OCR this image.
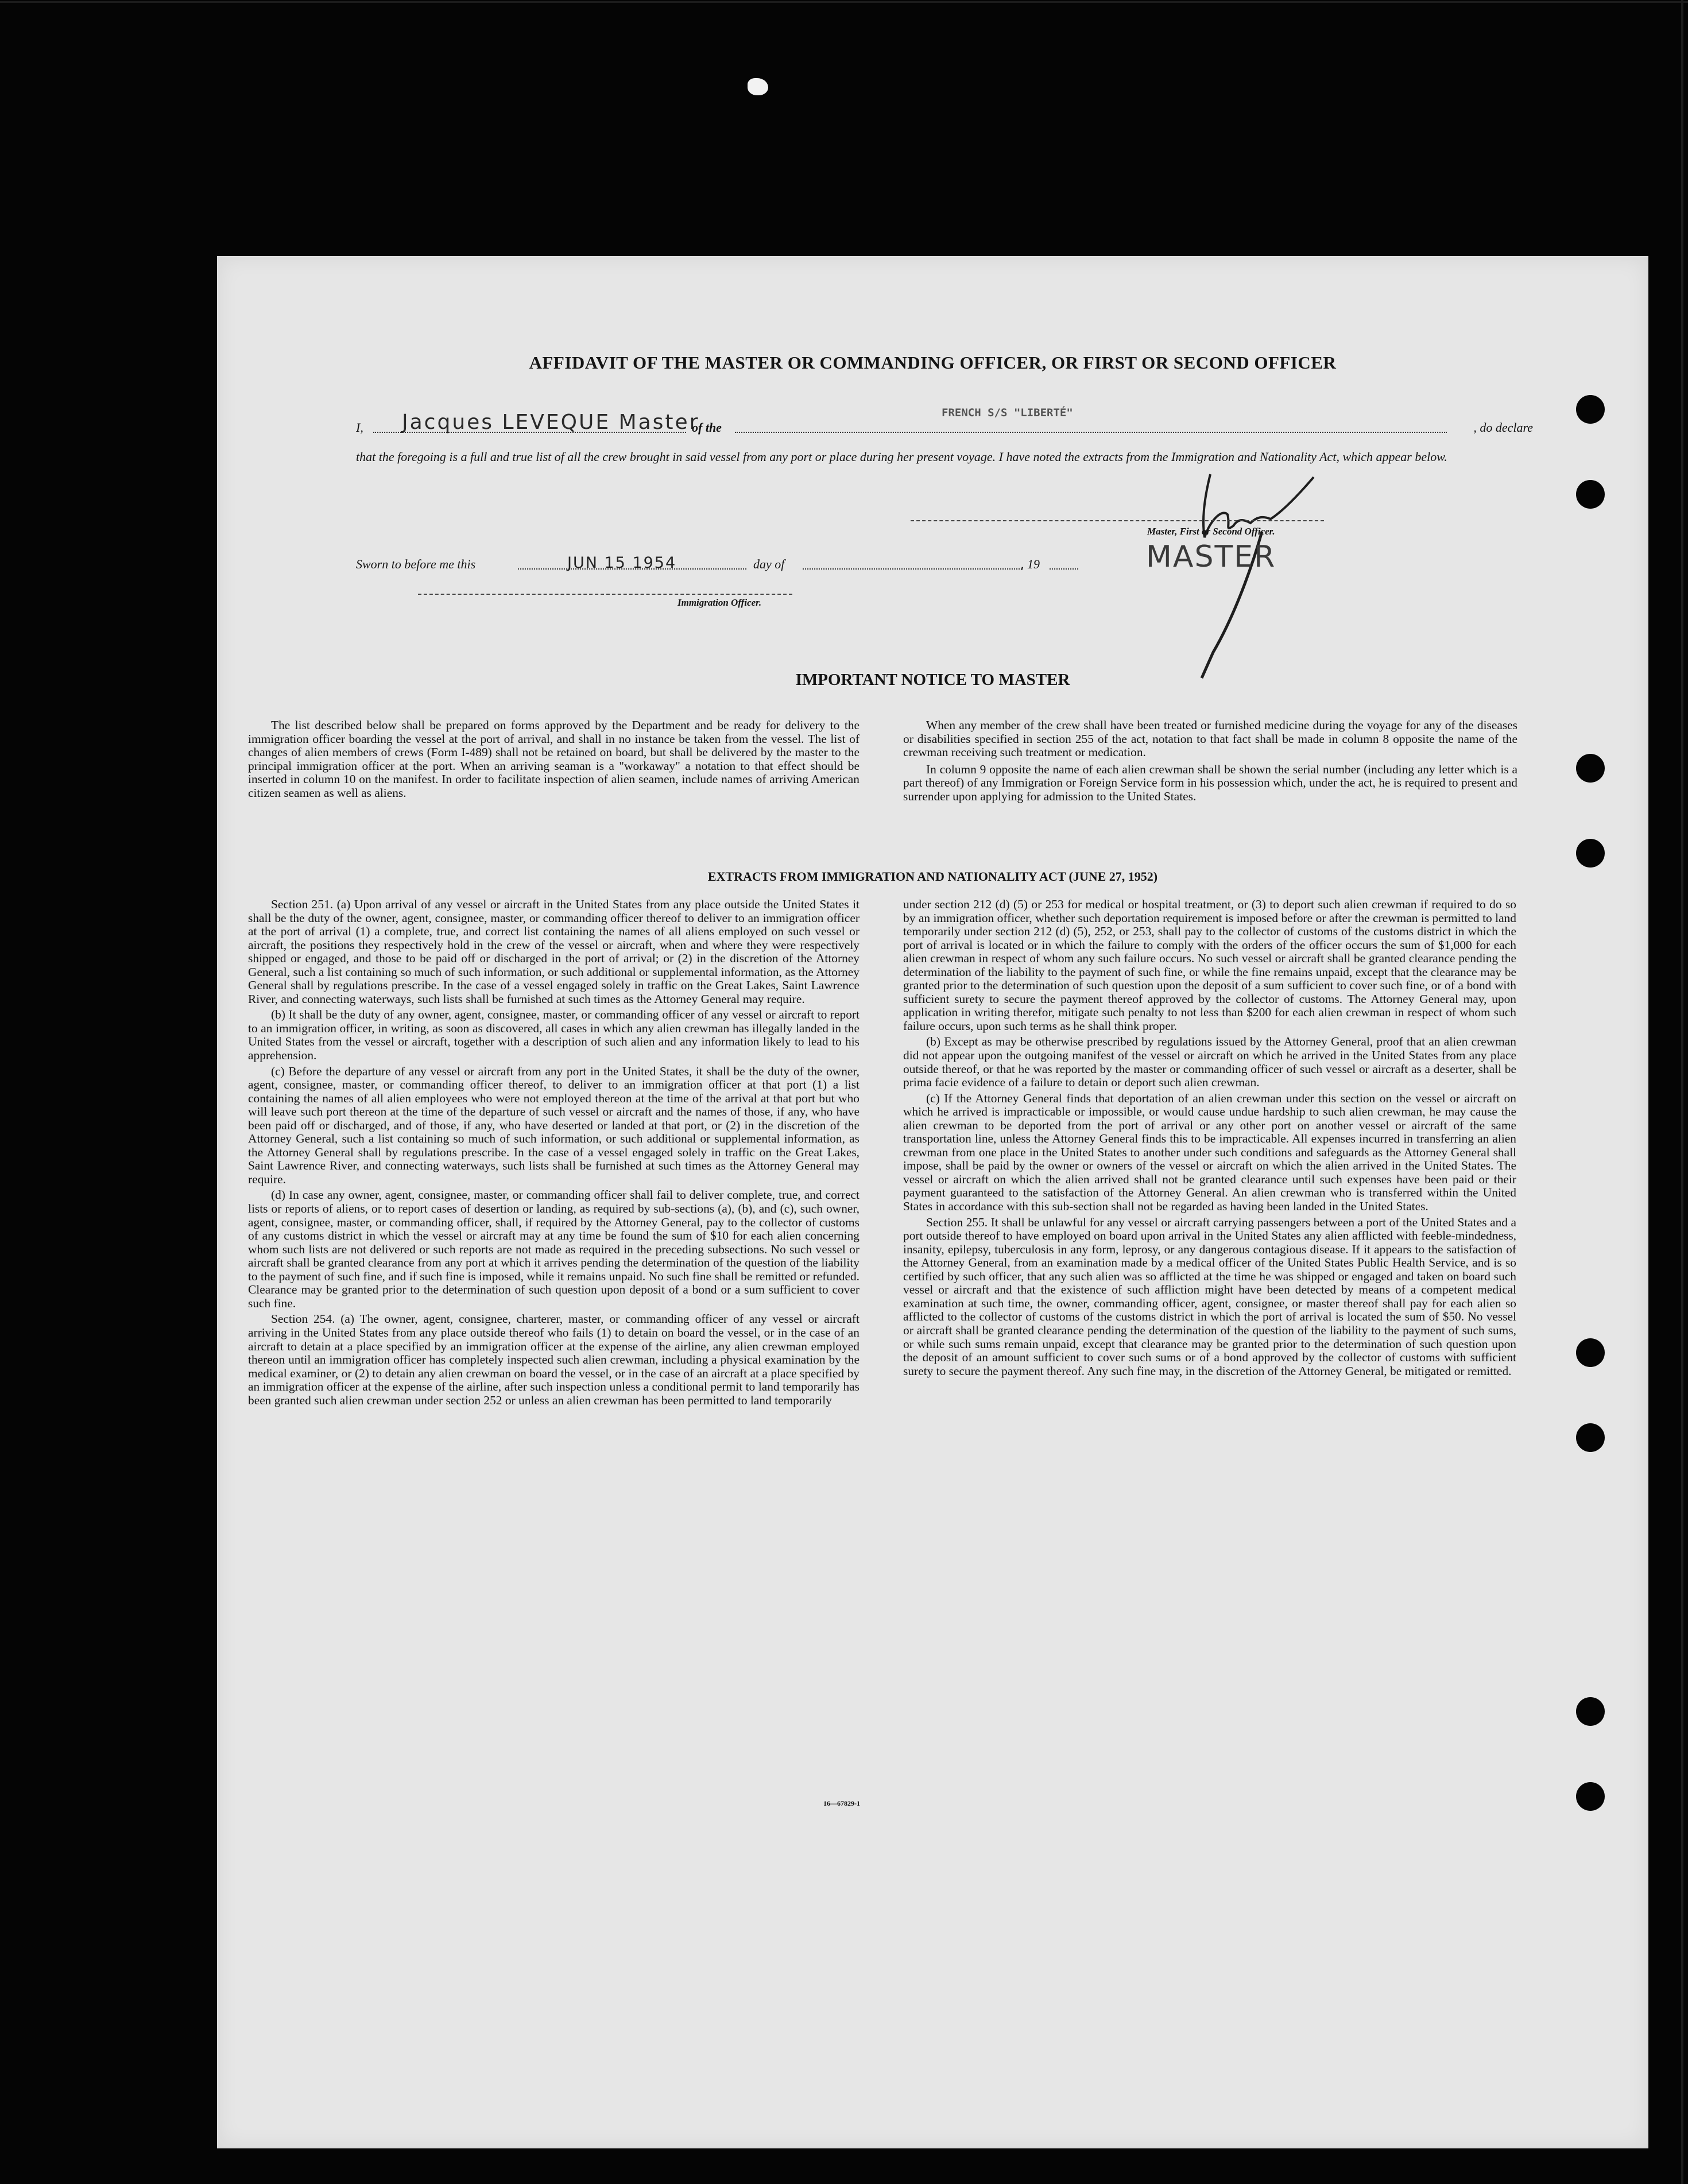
AFFIDAVIT OF THE MASTER OR COMMANDING OFFICER, OR FIRST OR SECOND OFFICER
I, Jacques LEVEQUE Master
of the
FRENCH S/S "LIBERTÉ"
, do declare
that the foregoing is a full and true list of all the crew brought in said vessel from any port or place during her present voyage. I have noted the extracts from the Immigration and Nationality Act, which appear below.
Master, First or Second Officer.
MASTER
Sworn to before me this	JUN 15 1954	day of	, 19
Immigration Officer.
IMPORTANT NOTICE TO MASTER

The list described below shall be prepared on forms approved by the Department and be ready for delivery to the immigration officer boarding the vessel at the port of arrival, and shall in no instance be taken from the vessel. The list of changes of alien members of crews (Form I-489) shall not be retained on board, but shall be delivered by the master to the principal immigration officer at the port. When an arriving seaman is a "workaway" a notation to that effect should be inserted in column 10 on the manifest. In order to facilitate inspection of alien seamen, include names of arriving American citizen seamen as well as aliens.

When any member of the crew shall have been treated or furnished medicine during the voyage for any of the diseases or disabilities specified in section 255 of the act, notation to that fact shall be made in column 8 opposite the name of the crewman receiving such treatment or medication.

In column 9 opposite the name of each alien crewman shall be shown the serial number (including any letter which is a part thereof) of any Immigration or Foreign Service form in his possession which, under the act, he is required to present and surrender upon applying for admission to the United States.

EXTRACTS FROM IMMIGRATION AND NATIONALITY ACT (JUNE 27, 1952)

Section 251. (a) Upon arrival of any vessel or aircraft in the United States from any place outside the United States it shall be the duty of the owner, agent, consignee, master, or commanding officer thereof to deliver to an immigration officer at the port of arrival (1) a complete, true, and correct list containing the names of all aliens employed on such vessel or aircraft, the positions they respectively hold in the crew of the vessel or aircraft, when and where they were respectively shipped or engaged, and those to be paid off or discharged in the port of arrival; or (2) in the discretion of the Attorney General, such a list containing so much of such information, or such additional or supplemental information, as the Attorney General shall by regulations prescribe. In the case of a vessel engaged solely in traffic on the Great Lakes, Saint Lawrence River, and connecting waterways, such lists shall be furnished at such times as the Attorney General may require.

(b) It shall be the duty of any owner, agent, consignee, master, or commanding officer of any vessel or aircraft to report to an immigration officer, in writing, as soon as discovered, all cases in which any alien crewman has illegally landed in the United States from the vessel or aircraft, together with a description of such alien and any information likely to lead to his apprehension.

(c) Before the departure of any vessel or aircraft from any port in the United States, it shall be the duty of the owner, agent, consignee, master, or commanding officer thereof, to deliver to an immigration officer at that port (1) a list containing the names of all alien employees who were not employed thereon at the time of the arrival at that port but who will leave such port thereon at the time of the departure of such vessel or aircraft and the names of those, if any, who have been paid off or discharged, and of those, if any, who have deserted or landed at that port, or (2) in the discretion of the Attorney General, such a list containing so much of such information, or such additional or supplemental information, as the Attorney General shall by regulations prescribe. In the case of a vessel engaged solely in traffic on the Great Lakes, Saint Lawrence River, and connecting waterways, such lists shall be furnished at such times as the Attorney General may require.

(d) In case any owner, agent, consignee, master, or commanding officer shall fail to deliver complete, true, and correct lists or reports of aliens, or to report cases of desertion or landing, as required by sub-sections (a), (b), and (c), such owner, agent, consignee, master, or commanding officer, shall, if required by the Attorney General, pay to the collector of customs of any customs district in which the vessel or aircraft may at any time be found the sum of $10 for each alien concerning whom such lists are not delivered or such reports are not made as required in the preceding subsections. No such vessel or aircraft shall be granted clearance from any port at which it arrives pending the determination of the question of the liability to the payment of such fine, and if such fine is imposed, while it remains unpaid. No such fine shall be remitted or refunded. Clearance may be granted prior to the determination of such question upon deposit of a bond or a sum sufficient to cover such fine.

Section 254. (a) The owner, agent, consignee, charterer, master, or commanding officer of any vessel or aircraft arriving in the United States from any place outside thereof who fails (1) to detain on board the vessel, or in the case of an aircraft to detain at a place specified by an immigration officer at the expense of the airline, any alien crewman employed thereon until an immigration officer has completely inspected such alien crewman, including a physical examination by the medical examiner, or (2) to detain any alien crewman on board the vessel, or in the case of an aircraft at a place specified by an immigration officer at the expense of the airline, after such inspection unless a conditional permit to land temporarily has been granted such alien crewman under section 252 or unless an alien crewman has been permitted to land temporarily

under section 212 (d) (5) or 253 for medical or hospital treatment, or (3) to deport such alien crewman if required to do so by an immigration officer, whether such deportation requirement is imposed before or after the crewman is permitted to land temporarily under section 212 (d) (5), 252, or 253, shall pay to the collector of customs of the customs district in which the port of arrival is located or in which the failure to comply with the orders of the officer occurs the sum of $1,000 for each alien crewman in respect of whom any such failure occurs. No such vessel or aircraft shall be granted clearance pending the determination of the liability to the payment of such fine, or while the fine remains unpaid, except that the clearance may be granted prior to the determination of such question upon the deposit of a sum sufficient to cover such fine, or of a bond with sufficient surety to secure the payment thereof approved by the collector of customs. The Attorney General may, upon application in writing therefor, mitigate such penalty to not less than $200 for each alien crewman in respect of whom such failure occurs, upon such terms as he shall think proper.

(b) Except as may be otherwise prescribed by regulations issued by the Attorney General, proof that an alien crewman did not appear upon the outgoing manifest of the vessel or aircraft on which he arrived in the United States from any place outside thereof, or that he was reported by the master or commanding officer of such vessel or aircraft as a deserter, shall be prima facie evidence of a failure to detain or deport such alien crewman.

(c) If the Attorney General finds that deportation of an alien crewman under this section on the vessel or aircraft on which he arrived is impracticable or impossible, or would cause undue hardship to such alien crewman, he may cause the alien crewman to be deported from the port of arrival or any other port on another vessel or aircraft of the same transportation line, unless the Attorney General finds this to be impracticable. All expenses incurred in transferring an alien crewman from one place in the United States to another under such conditions and safeguards as the Attorney General shall impose, shall be paid by the owner or owners of the vessel or aircraft on which the alien arrived in the United States. The vessel or aircraft on which the alien arrived shall not be granted clearance until such expenses have been paid or their payment guaranteed to the satisfaction of the Attorney General. An alien crewman who is transferred within the United States in accordance with this sub-section shall not be regarded as having been landed in the United States.

Section 255. It shall be unlawful for any vessel or aircraft carrying passengers between a port of the United States and a port outside thereof to have employed on board upon arrival in the United States any alien afflicted with feeble-mindedness, insanity, epilepsy, tuberculosis in any form, leprosy, or any dangerous contagious disease. If it appears to the satisfaction of the Attorney General, from an examination made by a medical officer of the United States Public Health Service, and is so certified by such officer, that any such alien was so afflicted at the time he was shipped or engaged and taken on board such vessel or aircraft and that the existence of such affliction might have been detected by means of a competent medical examination at such time, the owner, commanding officer, agent, consignee, or master thereof shall pay for each alien so afflicted to the collector of customs of the customs district in which the port of arrival is located the sum of $50. No vessel or aircraft shall be granted clearance pending the determination of the question of the liability to the payment of such sums, or while such sums remain unpaid, except that clearance may be granted prior to the determination of such question upon the deposit of an amount sufficient to cover such sums or of a bond approved by the collector of customs with sufficient surety to secure the payment thereof. Any such fine may, in the discretion of the Attorney General, be mitigated or remitted.

16—67829-1
